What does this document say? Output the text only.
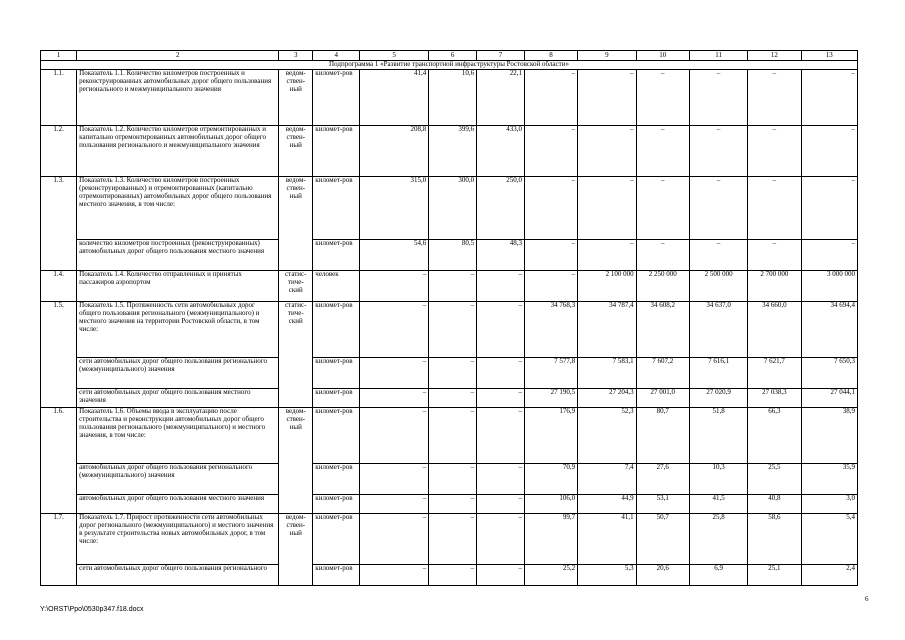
1	2	3	4	5	6	7	8	9	10	11	12	13
Подпрограмма 1 «Развитие транспортной инфраструктуры Ростовской области»												
1.1.	Показатель 1.1. Количество километров построенных и реконструированных автомобильных дорог общего пользования регионального и межмуниципального значения	ведом-ствен-ный	километ-ров	41,4	10,6	22,1	–	–	–	–	–	–
1.2.	Показатель 1.2. Количество километров отремонтированных и капитально отремонтированных автомобильных дорог общего пользования регионального и межмуниципального значения	ведом-ствен-ный	километ-ров	208,8	399,6	433,0	–	–	–	–	–	–
1.3.	Показатель 1.3. Количество километров построенных (реконструированных) и отремонтированных (капитально отремонтированных) автомобильных дорог общего пользования местного значения, в том числе:	ведом-ствен-ный	километ-ров	315,0	300,0	250,0	–	–	–	–	–	–
	количество километров построенных (реконструированных) автомобильных дорог общего пользования местного значения		километ-ров	54,6	80,5	48,3	–	–	–	–	–	–
1.4.	Показатель 1.4. Количество отправленных и принятых пассажиров аэропортом	статис-тиче-ский	человек	–	–	–	–	2 100 000	2 250 000	2 500 000	2 700 000	3 000 000
1.5.	Показатель 1.5. Протяженность сети автомобильных дорог общего пользования регионального (межмуниципального) и местного значения на территории Ростовской области, в том числе:	статис-тиче-ский	километ-ров	–	–	–	34 768,3	34 787,4	34 608,2	34 637,0	34 660,0	34 694,4
	сети автомобильных дорог общего пользования регионального (межмуниципального) значения		километ-ров	–	–	–	7 577,8	7 583,1	7 607,2	7 616,1	7 621,7	7 650,3
	сети автомобильных дорог общего пользования местного значения		километ-ров	–	–	–	27 190,5	27 204,3	27 001,0	27 020,9	27 038,3	27 044,1
1.6.	Показатель 1.6. Объемы ввода в эксплуатацию после строительства и реконструкции автомобильных дорог общего пользования регионального (межмуниципального) и местного значения, в том числе:	ведом-ствен-ный	километ-ров	–	–	–	176,9	52,3	80,7	51,8	66,3	38,9
	автомобильных дорог общего пользования регионального (межмуниципального) значения		километ-ров	–	–	–	70,9	7,4	27,6	10,3	25,5	35,9
	автомобильных дорог общего пользования местного значения		километ-ров	–	–	–	106,0	44,9	53,1	41,5	40,8	3,0
1.7.	Показатель 1.7. Прирост протяженности сети автомобильных дорог регионального (межмуниципального) и местного значения в результате строительства новых автомобильных дорог, в том числе:	ведом-ствен-ный	километ-ров	–	–	–	99,7	41,1	50,7	25,8	58,6	5,4
	сети автомобильных дорог общего пользования регионального		километ-ров	–	–	–	25,2	5,3	20,6	6,9	25,1	2,4
6
Y:\ORST\Ppo\0530p347.f18.docx
